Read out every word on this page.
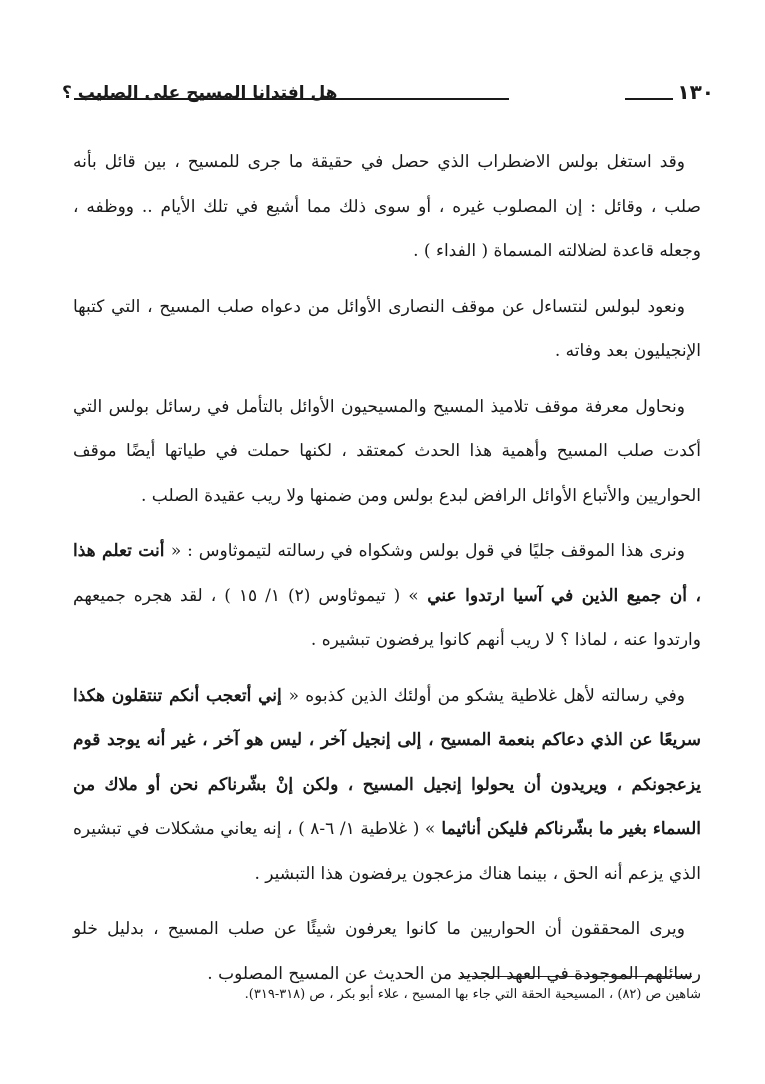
١٣٠
هل افتدانا المسيح على الصليب ؟

وقد استغل بولس الاضطراب الذي حصل في حقيقة ما جرى للمسيح ، بين قائل بأنه صلب ، وقائل : إن المصلوب غيره ، أو سوى ذلك مما أشيع في تلك الأيام .. ووظفه ، وجعله قاعدة لضلالته المسماة ( الفداء ) .

ونعود لبولس لنتساءل عن موقف النصارى الأوائل من دعواه صلب المسيح ، التي كتبها الإنجيليون بعد وفاته .

ونحاول معرفة موقف تلاميذ المسيح والمسيحيون الأوائل بالتأمل في رسائل بولس التي أكدت صلب المسيح وأهمية هذا الحدث كمعتقد ، لكنها حملت في طياتها أيضًا موقف الحواريين والأتباع الأوائل الرافض لبدع بولس ومن ضمنها ولا ريب عقيدة الصلب .

ونرى هذا الموقف جليًا في قول بولس وشكواه في رسالته لتيموثاوس : « أنت تعلم هذا ، أن جميع الذين في آسيا ارتدوا عني » ( تيموثاوس (٢) ١/ ١٥ ) ، لقد هجره جميعهم وارتدوا عنه ، لماذا ؟ لا ريب أنهم كانوا يرفضون تبشيره .

وفي رسالته لأهل غلاطية يشكو من أولئك الذين كذبوه « إني أتعجب أنكم تنتقلون هكذا سريعًا عن الذي دعاكم بنعمة المسيح ، إلى إنجيل آخر ، ليس هو آخر ، غير أنه يوجد قوم يزعجونكم ، ويريدون أن يحولوا إنجيل المسيح ، ولكن إنْ بشّرناكم نحن أو ملاك من السماء بغير ما بشّرناكم فليكن أناثيما » ( غلاطية ١/ ٦-٨ ) ، إنه يعاني مشكلات في تبشيره الذي يزعم أنه الحق ، بينما هناك مزعجون يرفضون هذا التبشير .

ويرى المحققون أن الحواريين ما كانوا يعرفون شيئًا عن صلب المسيح ، بدليل خلو رسائلهم الموجودة في العهد الجديد من الحديث عن المسيح المصلوب .

شاهين ص (٨٢) ، المسيحية الحقة التي جاء بها المسيح ، علاء أبو بكر ، ص (٣١٨-٣١٩).
